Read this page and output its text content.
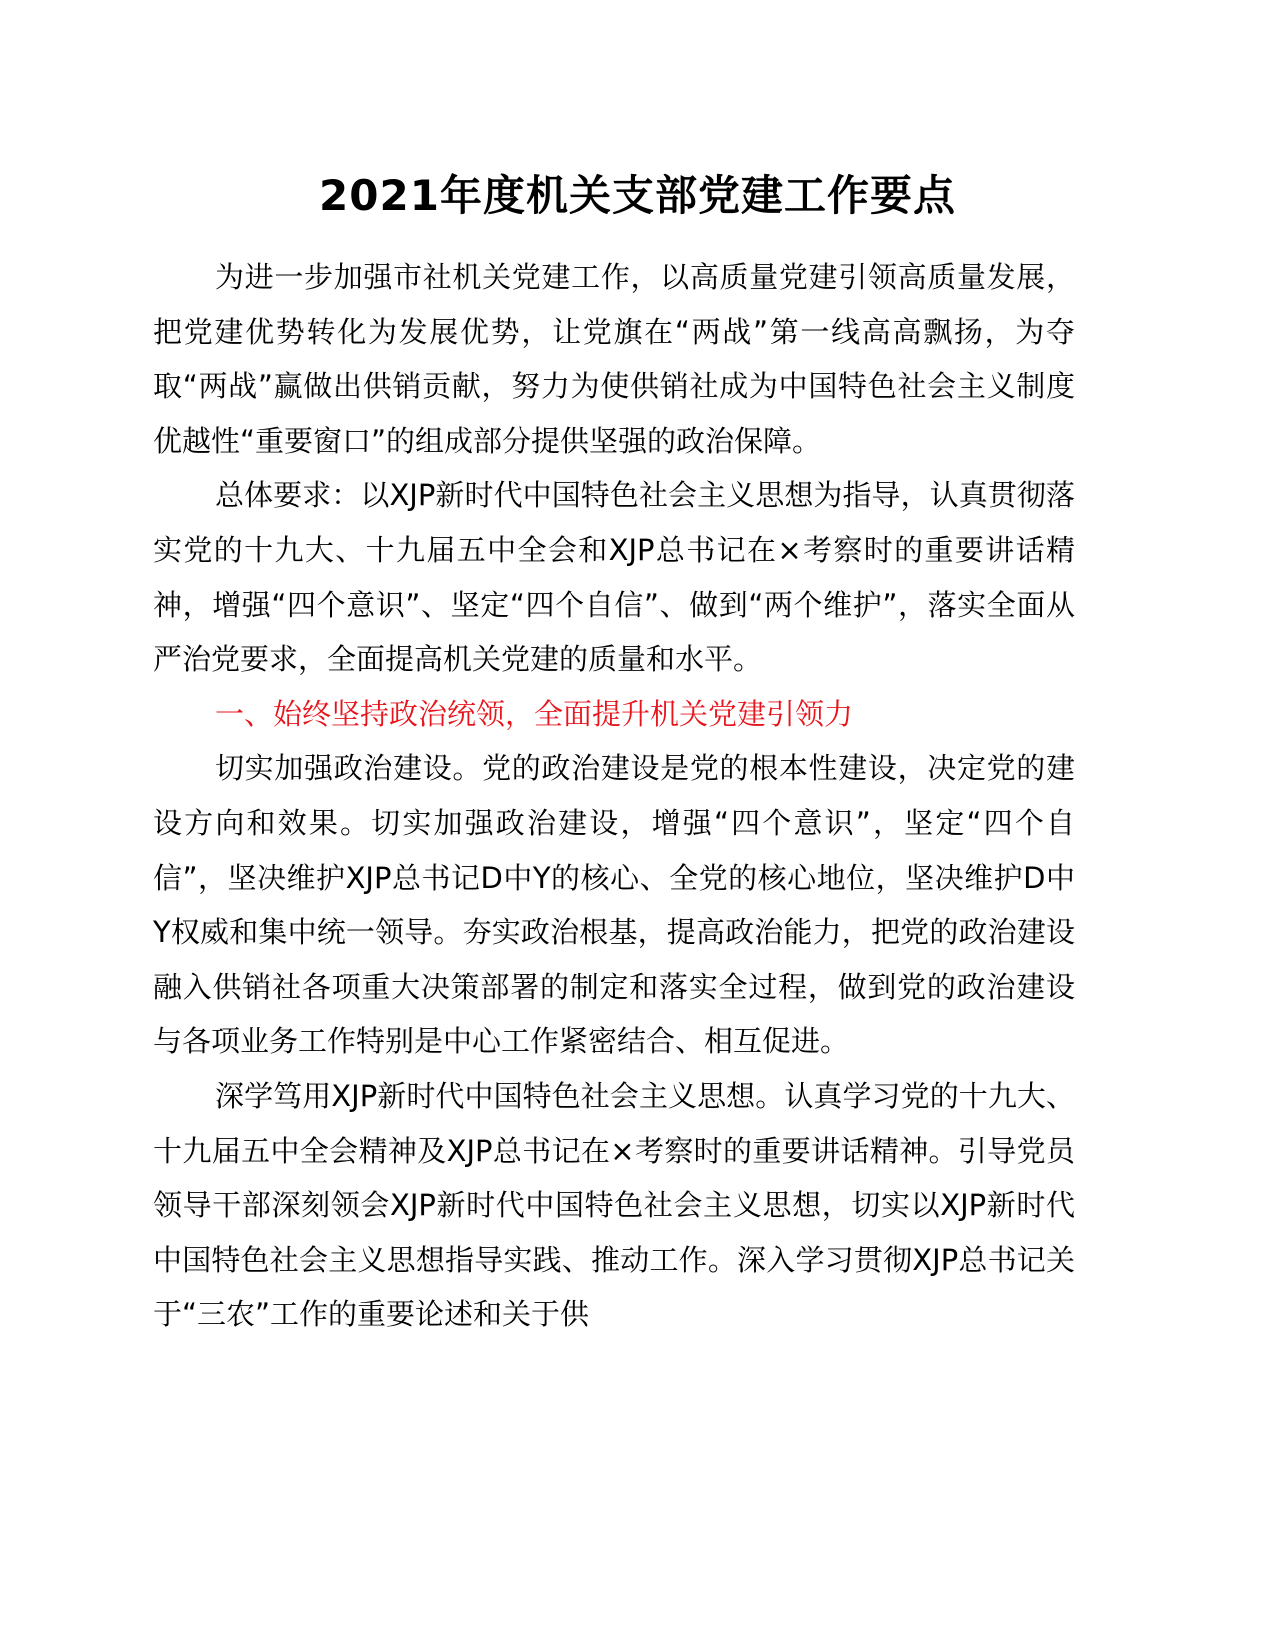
2021年度机关支部党建工作要点

为进一步加强市社机关党建工作，以高质量党建引领高质量发展，把党建优势转化为发展优势，让党旗在“两战”第一线高高飘扬，为夺取“两战”赢做出供销贡献，努力为使供销社成为中国特色社会主义制度优越性“重要窗口”的组成部分提供坚强的政治保障。

总体要求：以XJP新时代中国特色社会主义思想为指导，认真贯彻落实党的十九大、十九届五中全会和XJP总书记在×考察时的重要讲话精神，增强“四个意识”、坚定“四个自信”、做到“两个维护”，落实全面从严治党要求，全面提高机关党建的质量和水平。

一、始终坚持政治统领，全面提升机关党建引领力

切实加强政治建设。党的政治建设是党的根本性建设，决定党的建设方向和效果。切实加强政治建设，增强“四个意识”，坚定“四个自信”，坚决维护XJP总书记D中Y的核心、全党的核心地位，坚决维护D中Y权威和集中统一领导。夯实政治根基，提高政治能力，把党的政治建设融入供销社各项重大决策部署的制定和落实全过程，做到党的政治建设与各项业务工作特别是中心工作紧密结合、相互促进。

深学笃用XJP新时代中国特色社会主义思想。认真学习党的十九大、十九届五中全会精神及XJP总书记在×考察时的重要讲话精神。引导党员领导干部深刻领会XJP新时代中国特色社会主义思想，切实以XJP新时代中国特色社会主义思想指导实践、推动工作。深入学习贯彻XJP总书记关于“三农”工作的重要论述和关于供
